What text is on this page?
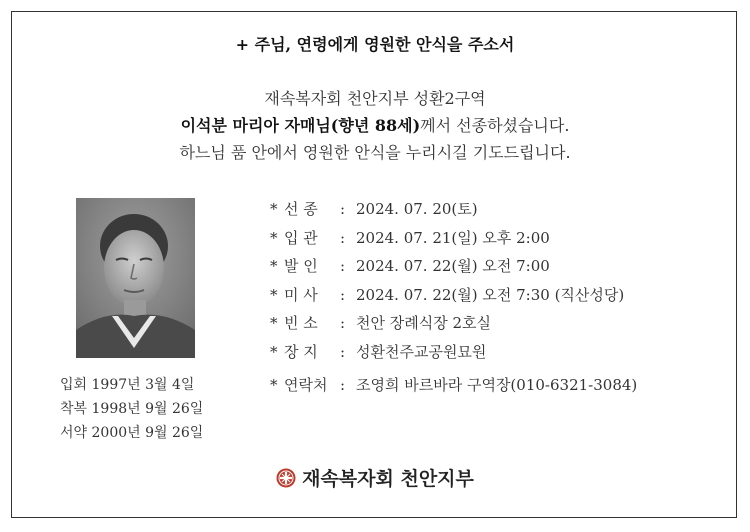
+ 주님, 연령에게 영원한 안식을 주소서
재속복자회 천안지부 성환2구역
이석분 마리아 자매님(향년 88세)께서 선종하셨습니다.
하느님 품 안에서 영원한 안식을 누리시길 기도드립니다.
입회 1997년 3월 4일
착복 1998년 9월 26일
서약 2000년 9월 26일
* 선 종 : 2024. 07. 20(토)
* 입 관 : 2024. 07. 21(일) 오후 2:00
* 발 인 : 2024. 07. 22(월) 오전 7:00
* 미 사 : 2024. 07. 22(월) 오전 7:30 (직산성당)
* 빈 소 : 천안 장례식장 2호실
* 장 지 : 성환천주교공원묘원
* 연락처 : 조영희 바르바라 구역장(010-6321-3084)
재속복자회 천안지부
